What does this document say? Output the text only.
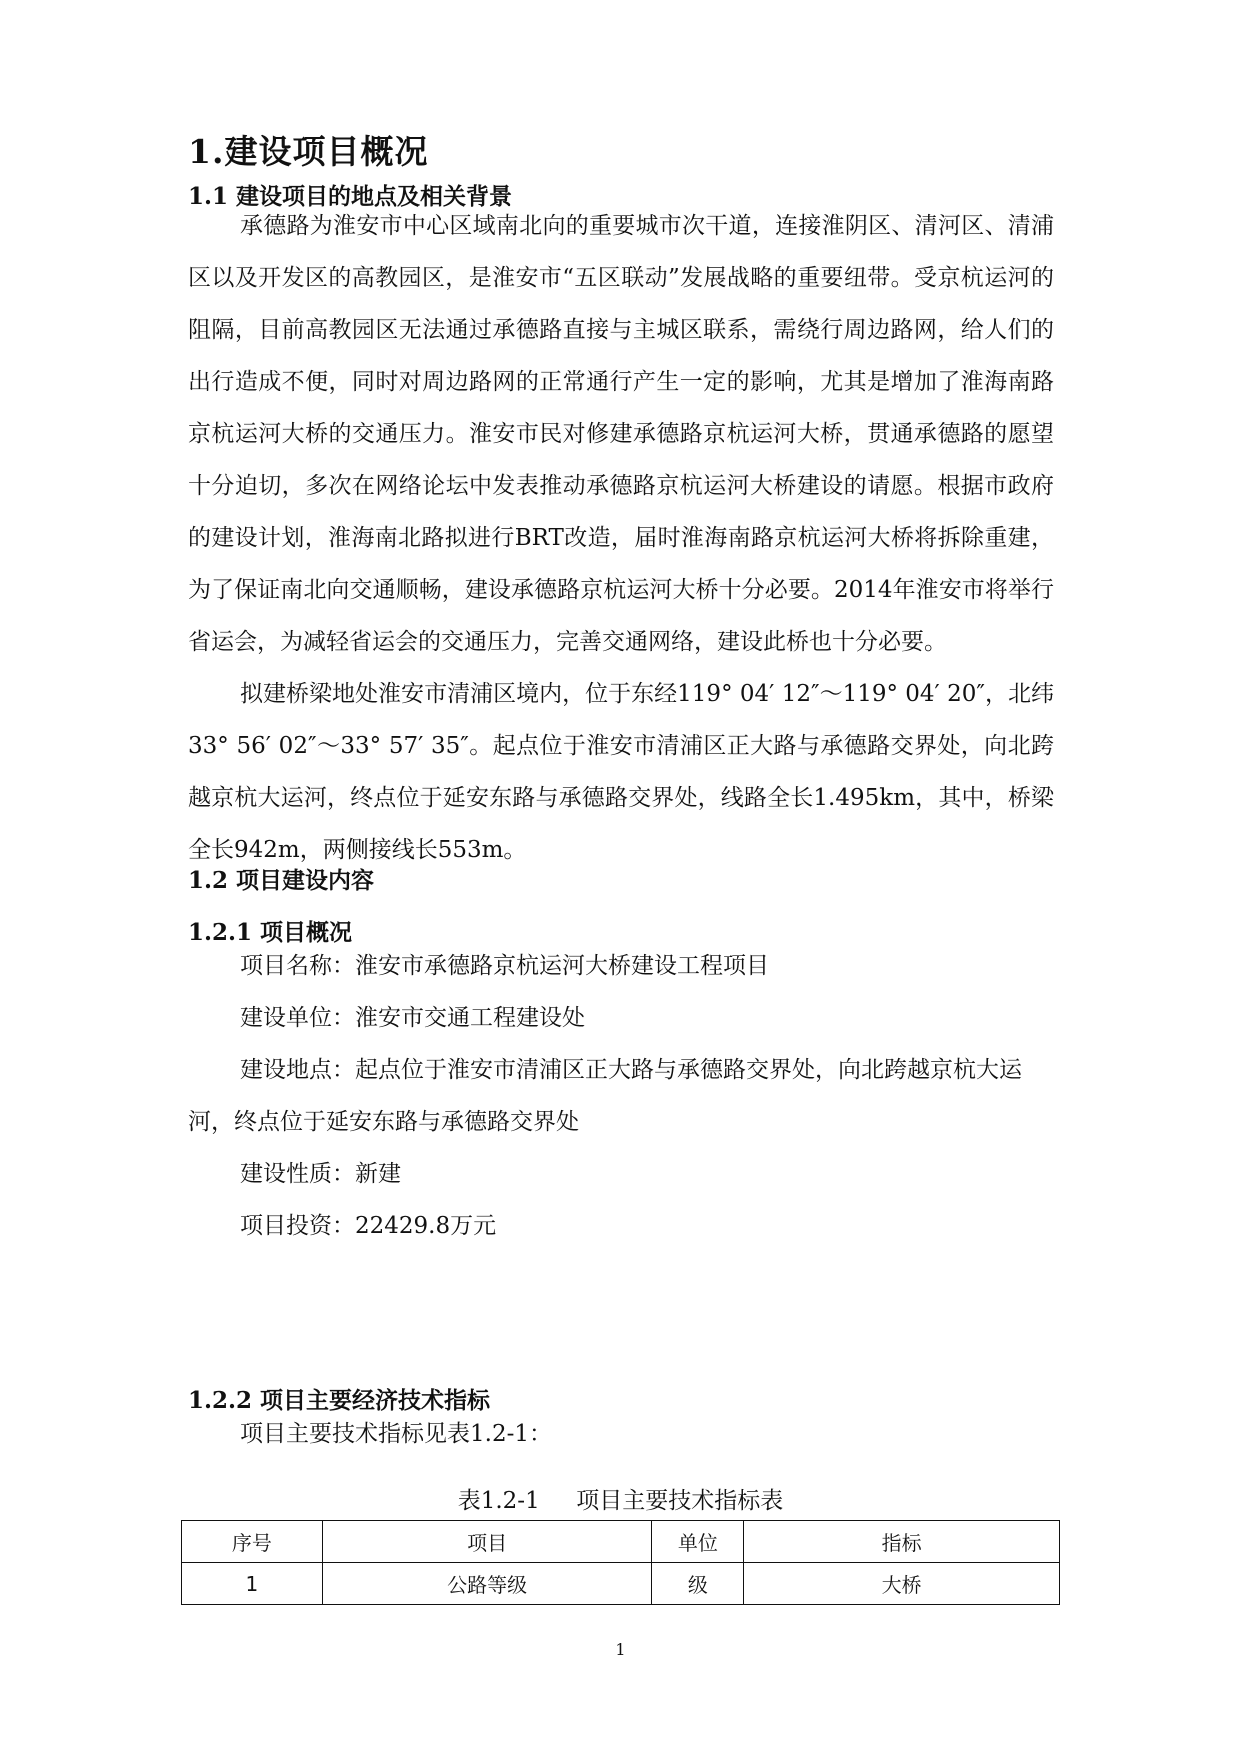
1.建设项目概况
1.1 建设项目的地点及相关背景

承德路为淮安市中心区域南北向的重要城市次干道，连接淮阴区、清河区、清浦区以及开发区的高教园区，是淮安市“五区联动”发展战略的重要纽带。受京杭运河的阻隔，目前高教园区无法通过承德路直接与主城区联系，需绕行周边路网，给人们的出行造成不便，同时对周边路网的正常通行产生一定的影响，尤其是增加了淮海南路京杭运河大桥的交通压力。淮安市民对修建承德路京杭运河大桥，贯通承德路的愿望十分迫切，多次在网络论坛中发表推动承德路京杭运河大桥建设的请愿。根据市政府的建设计划，淮海南北路拟进行BRT改造，届时淮海南路京杭运河大桥将拆除重建，为了保证南北向交通顺畅，建设承德路京杭运河大桥十分必要。2014年淮安市将举行省运会，为减轻省运会的交通压力，完善交通网络，建设此桥也十分必要。

拟建桥梁地处淮安市清浦区境内，位于东经119° 04′ 12″～119° 04′ 20″，北纬33° 56′ 02″～33° 57′ 35″。起点位于淮安市清浦区正大路与承德路交界处，向北跨越京杭大运河，终点位于延安东路与承德路交界处，线路全长1.495km，其中，桥梁全长942m，两侧接线长553m。

1.2 项目建设内容
1.2.1 项目概况

项目名称：淮安市承德路京杭运河大桥建设工程项目

建设单位：淮安市交通工程建设处

建设地点：起点位于淮安市清浦区正大路与承德路交界处，向北跨越京杭大运河，终点位于延安东路与承德路交界处

建设性质：新建

项目投资：22429.8万元

1.2.2 项目主要经济技术指标

项目主要技术指标见表1.2-1：

表1.2-1     项目主要技术指标表
序号	项目	单位	指标
1	公路等级	级	大桥
1
